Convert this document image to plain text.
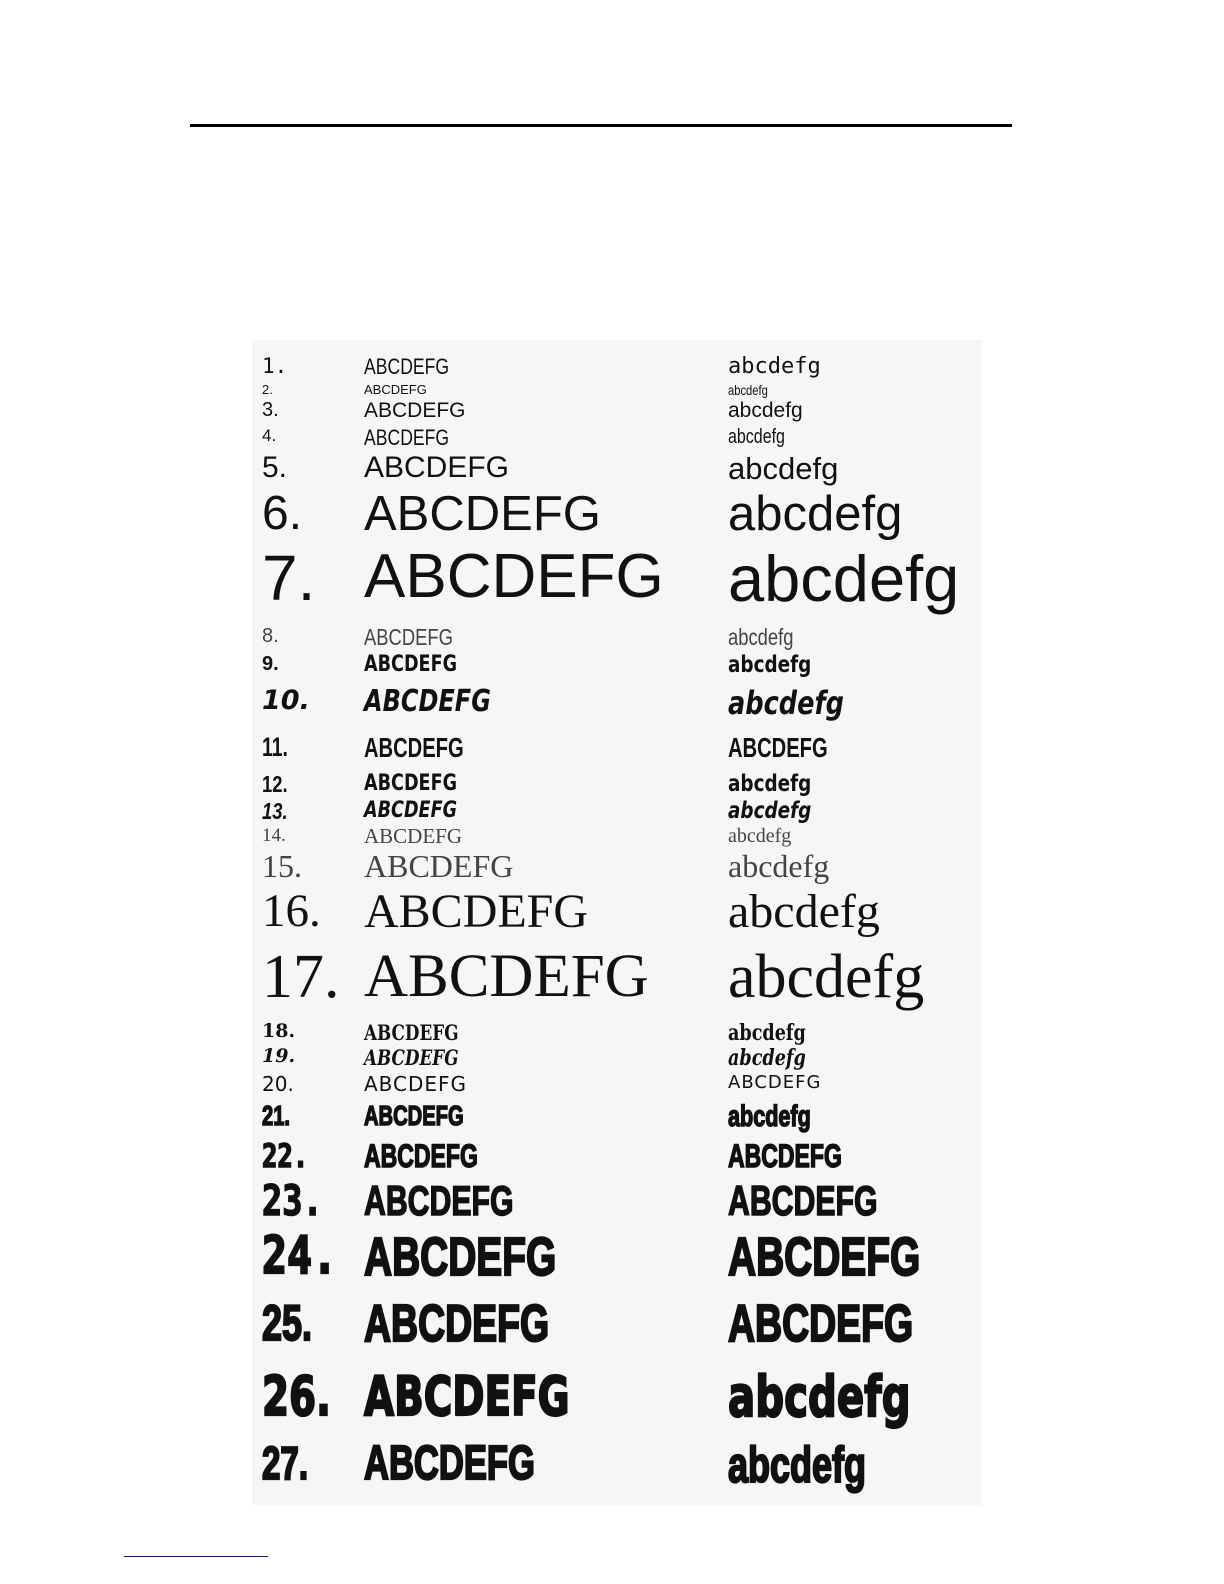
1.	ABCDEFG	abcdefg
2.	ABCDEFG	abcdefg
3.	ABCDEFG	abcdefg
4.	ABCDEFG	abcdefg
5.	ABCDEFG	abcdefg
6. ABCDEFG	abcdefg
7. ABCDEFG abcdefg
8.	ABCDEFG	abcdefg
9.	ABCDEFG	abcdefg
10. ABCDEFG	abcdefg
11.	ABCDEFG	ABCDEFG
12.	ABCDEFG	abcdefg
13.	ABCDEFG	abcdefg
14.	ABCDEFG	abcdefg
15. ABCDEFG	abcdefg
16. ABCDEFG	abcdefg
17. ABCDEFG abcdefg
18.	ABCDEFG	abcdefg
19.	ABCDEFG	abcdefg
20.	ABCDEFG	ABCDEFG
21.	ABCDEFG	abcdefg
22. ABCDEFG	ABCDEFG
23. ABCDEFG	ABCDEFG
24. ABCDEFG	ABCDEFG
25. ABCDEFG	ABCDEFG
26. ABCDEFG	abcdefg
27. ABCDEFG	abcdefg
